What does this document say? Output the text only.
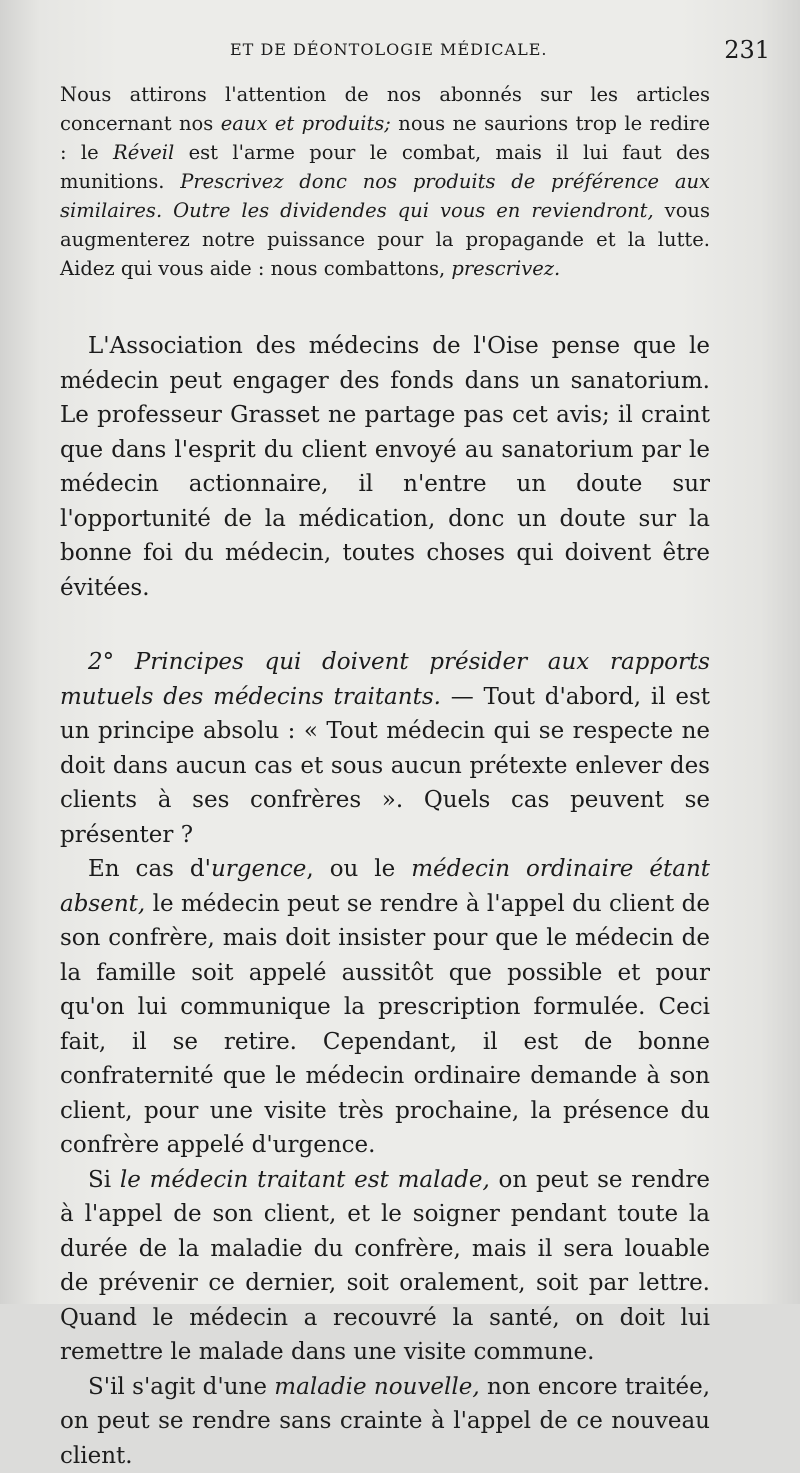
ET DE DÉONTOLOGIE MÉDICALE.	231

Nous attirons l'attention de nos abonnés sur les articles concernant nos eaux et produits; nous ne saurions trop le redire : le Réveil est l'arme pour le combat, mais il lui faut des munitions. Prescrivez donc nos produits de préférence aux similaires. Outre les dividendes qui vous en reviendront, vous augmenterez notre puissance pour la propagande et la lutte. Aidez qui vous aide : nous combattons, prescrivez.

L'Association des médecins de l'Oise pense que le médecin peut engager des fonds dans un sanatorium. Le professeur Grasset ne partage pas cet avis; il craint que dans l'esprit du client envoyé au sanatorium par le médecin actionnaire, il n'entre un doute sur l'opportunité de la médication, donc un doute sur la bonne foi du médecin, toutes choses qui doivent être évitées.

2° Principes qui doivent présider aux rapports mutuels des médecins traitants. — Tout d'abord, il est un principe absolu : « Tout médecin qui se respecte ne doit dans aucun cas et sous aucun prétexte enlever des clients à ses confrères ». Quels cas peuvent se présenter ?

En cas d'urgence, ou le médecin ordinaire étant absent, le médecin peut se rendre à l'appel du client de son confrère, mais doit insister pour que le médecin de la famille soit appelé aussitôt que possible et pour qu'on lui communique la prescription formulée. Ceci fait, il se retire. Cependant, il est de bonne confraternité que le médecin ordinaire demande à son client, pour une visite très prochaine, la présence du confrère appelé d'urgence.

Si le médecin traitant est malade, on peut se rendre à l'appel de son client, et le soigner pendant toute la durée de la maladie du confrère, mais il sera louable de prévenir ce dernier, soit oralement, soit par lettre. Quand le médecin a recouvré la santé, on doit lui remettre le malade dans une visite commune.

S'il s'agit d'une maladie nouvelle, non encore traitée, on peut se rendre sans crainte à l'appel de ce nouveau client.
